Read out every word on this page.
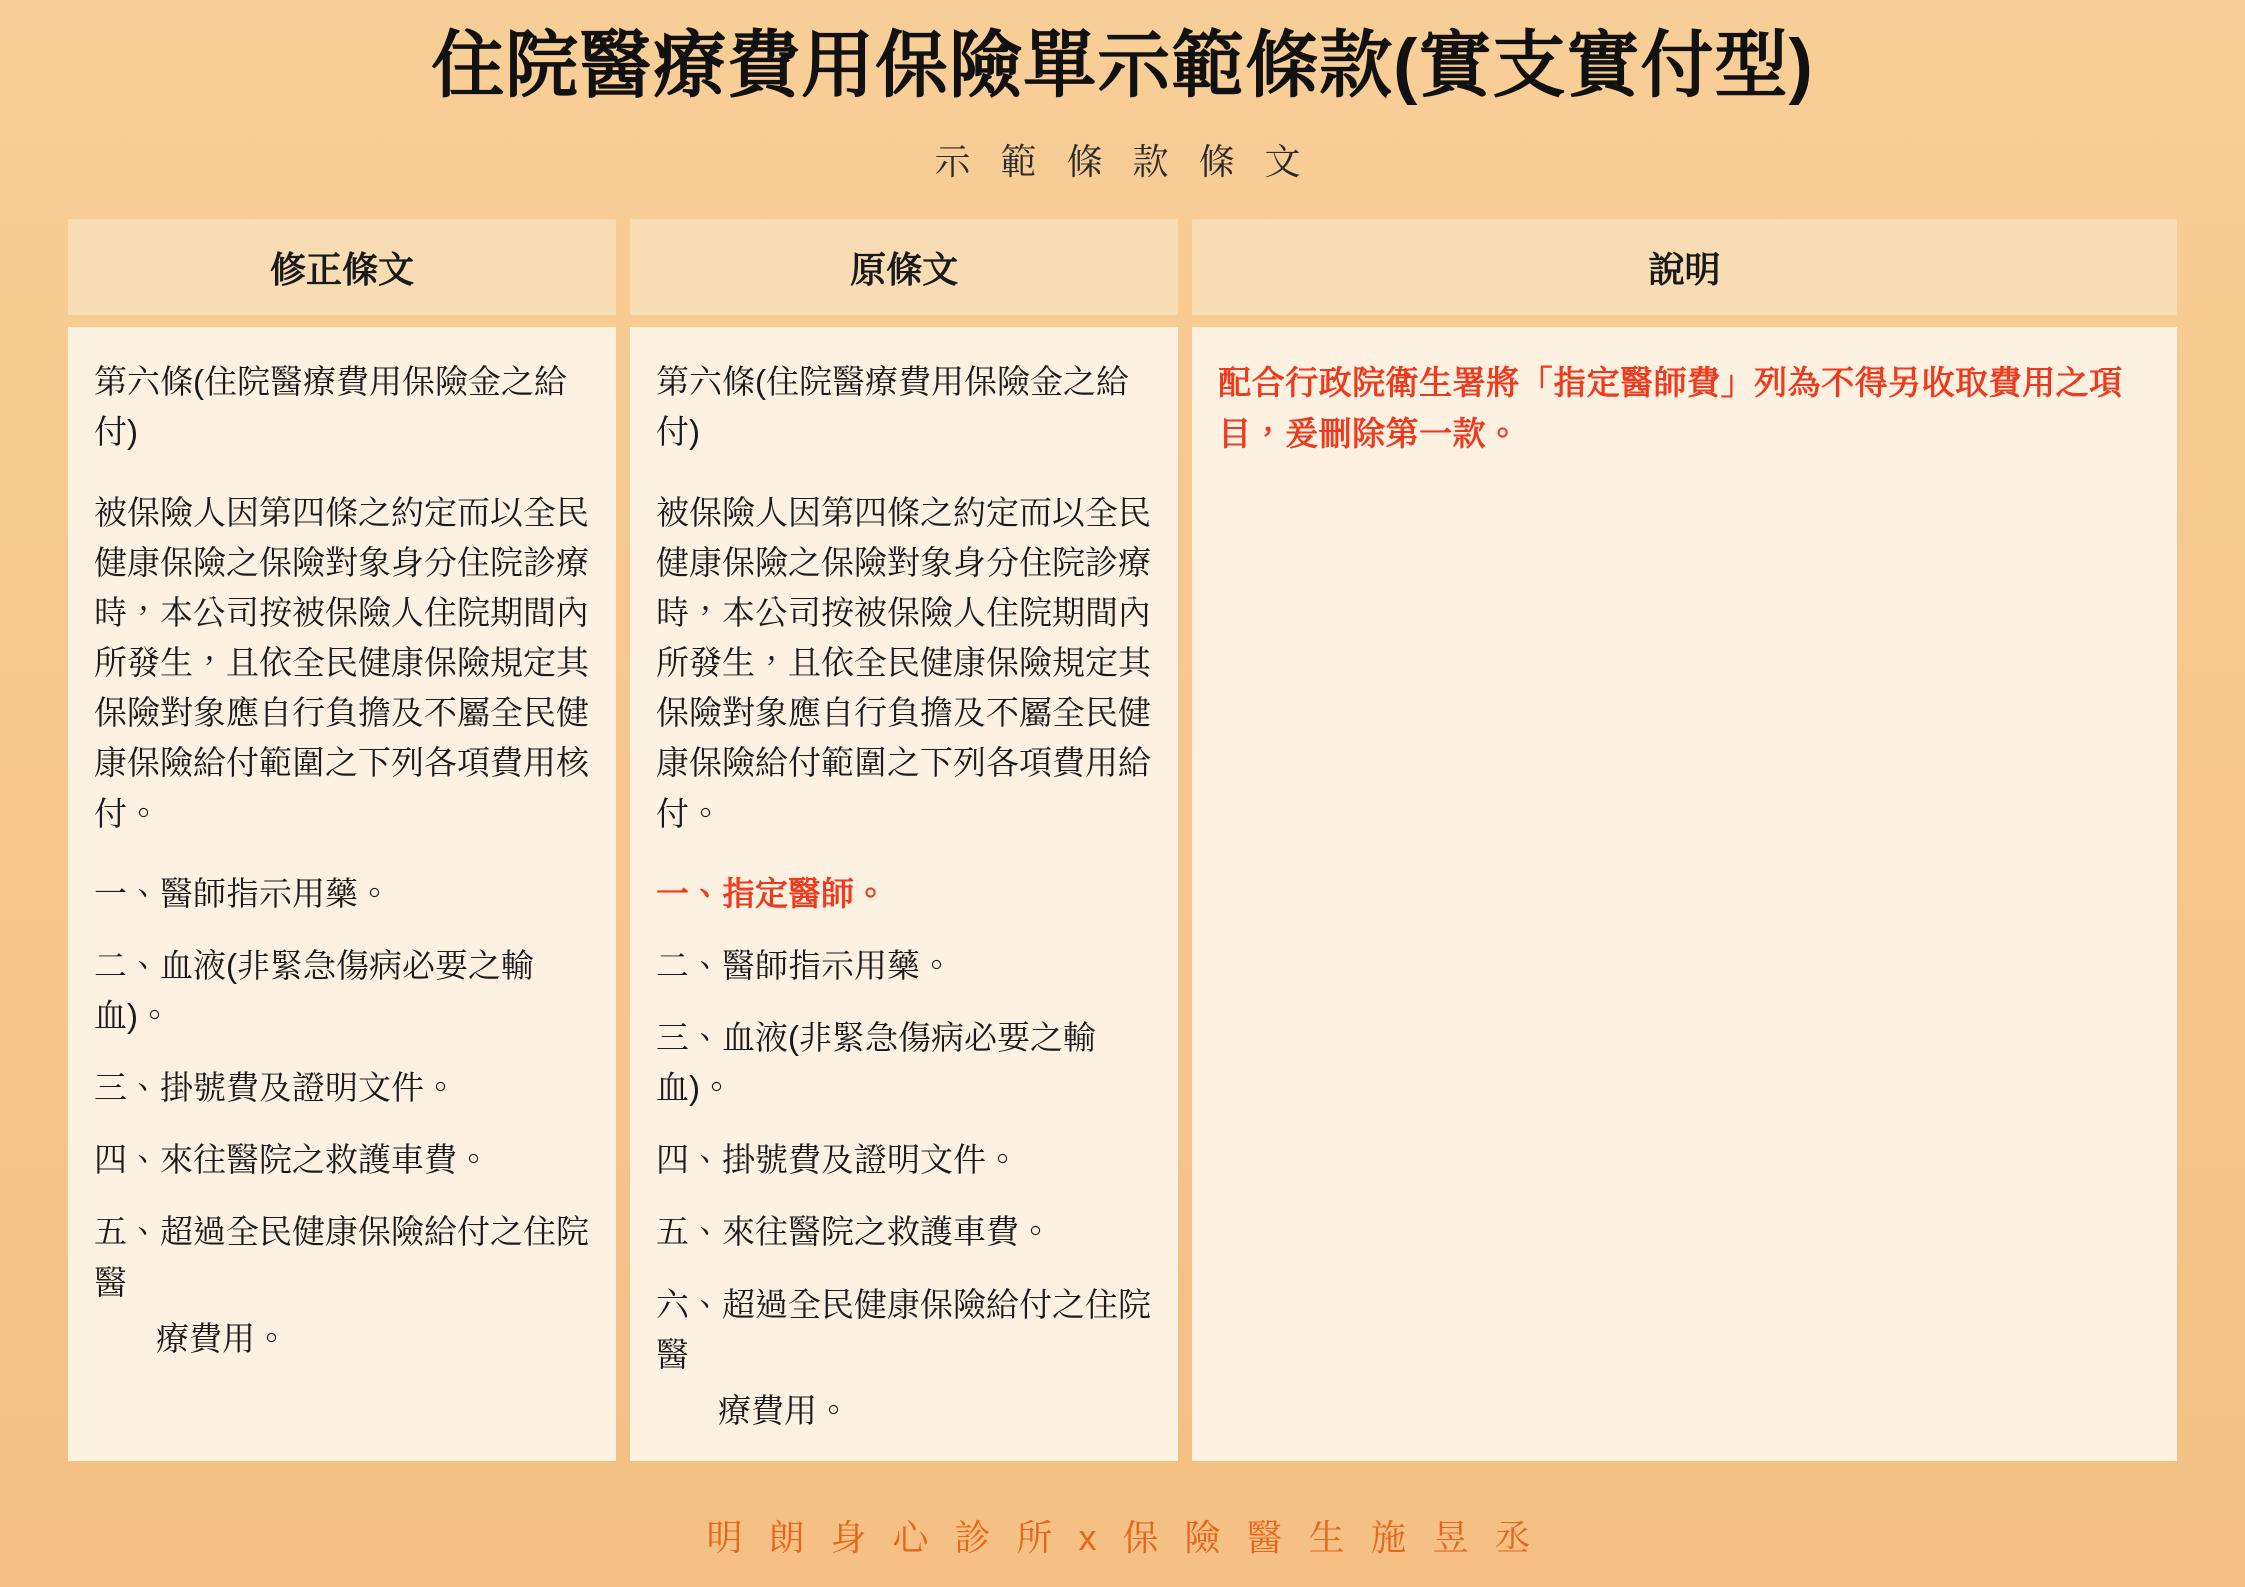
住院醫療費用保險單示範條款(實支實付型)
示 範 條 款 條 文
修正條文

第六條(住院醫療費用保險金之給付)

被保險人因第四條之約定而以全民健康保險之保險對象身分住院診療時，本公司按被保險人住院期間內所發生，且依全民健康保險規定其保險對象應自行負擔及不屬全民健康保險給付範圍之下列各項費用核付。

一、醫師指示用藥。

二、血液(非緊急傷病必要之輸血)。

三、掛號費及證明文件。

四、來往醫院之救護車費。

五、超過全民健康保險給付之住院醫

療費用。

原條文

第六條(住院醫療費用保險金之給付)

被保險人因第四條之約定而以全民健康保險之保險對象身分住院診療時，本公司按被保險人住院期間內所發生，且依全民健康保險規定其保險對象應自行負擔及不屬全民健康保險給付範圍之下列各項費用給付。

一、指定醫師。

二、醫師指示用藥。

三、血液(非緊急傷病必要之輸血)。

四、掛號費及證明文件。

五、來往醫院之救護車費。

六、超過全民健康保險給付之住院醫

療費用。

說明

配合行政院衛生署將「指定醫師費」列為不得另收取費用之項目，爰刪除第一款。

明 朗 身 心 診 所 x 保 險 醫 生 施 昱 丞
